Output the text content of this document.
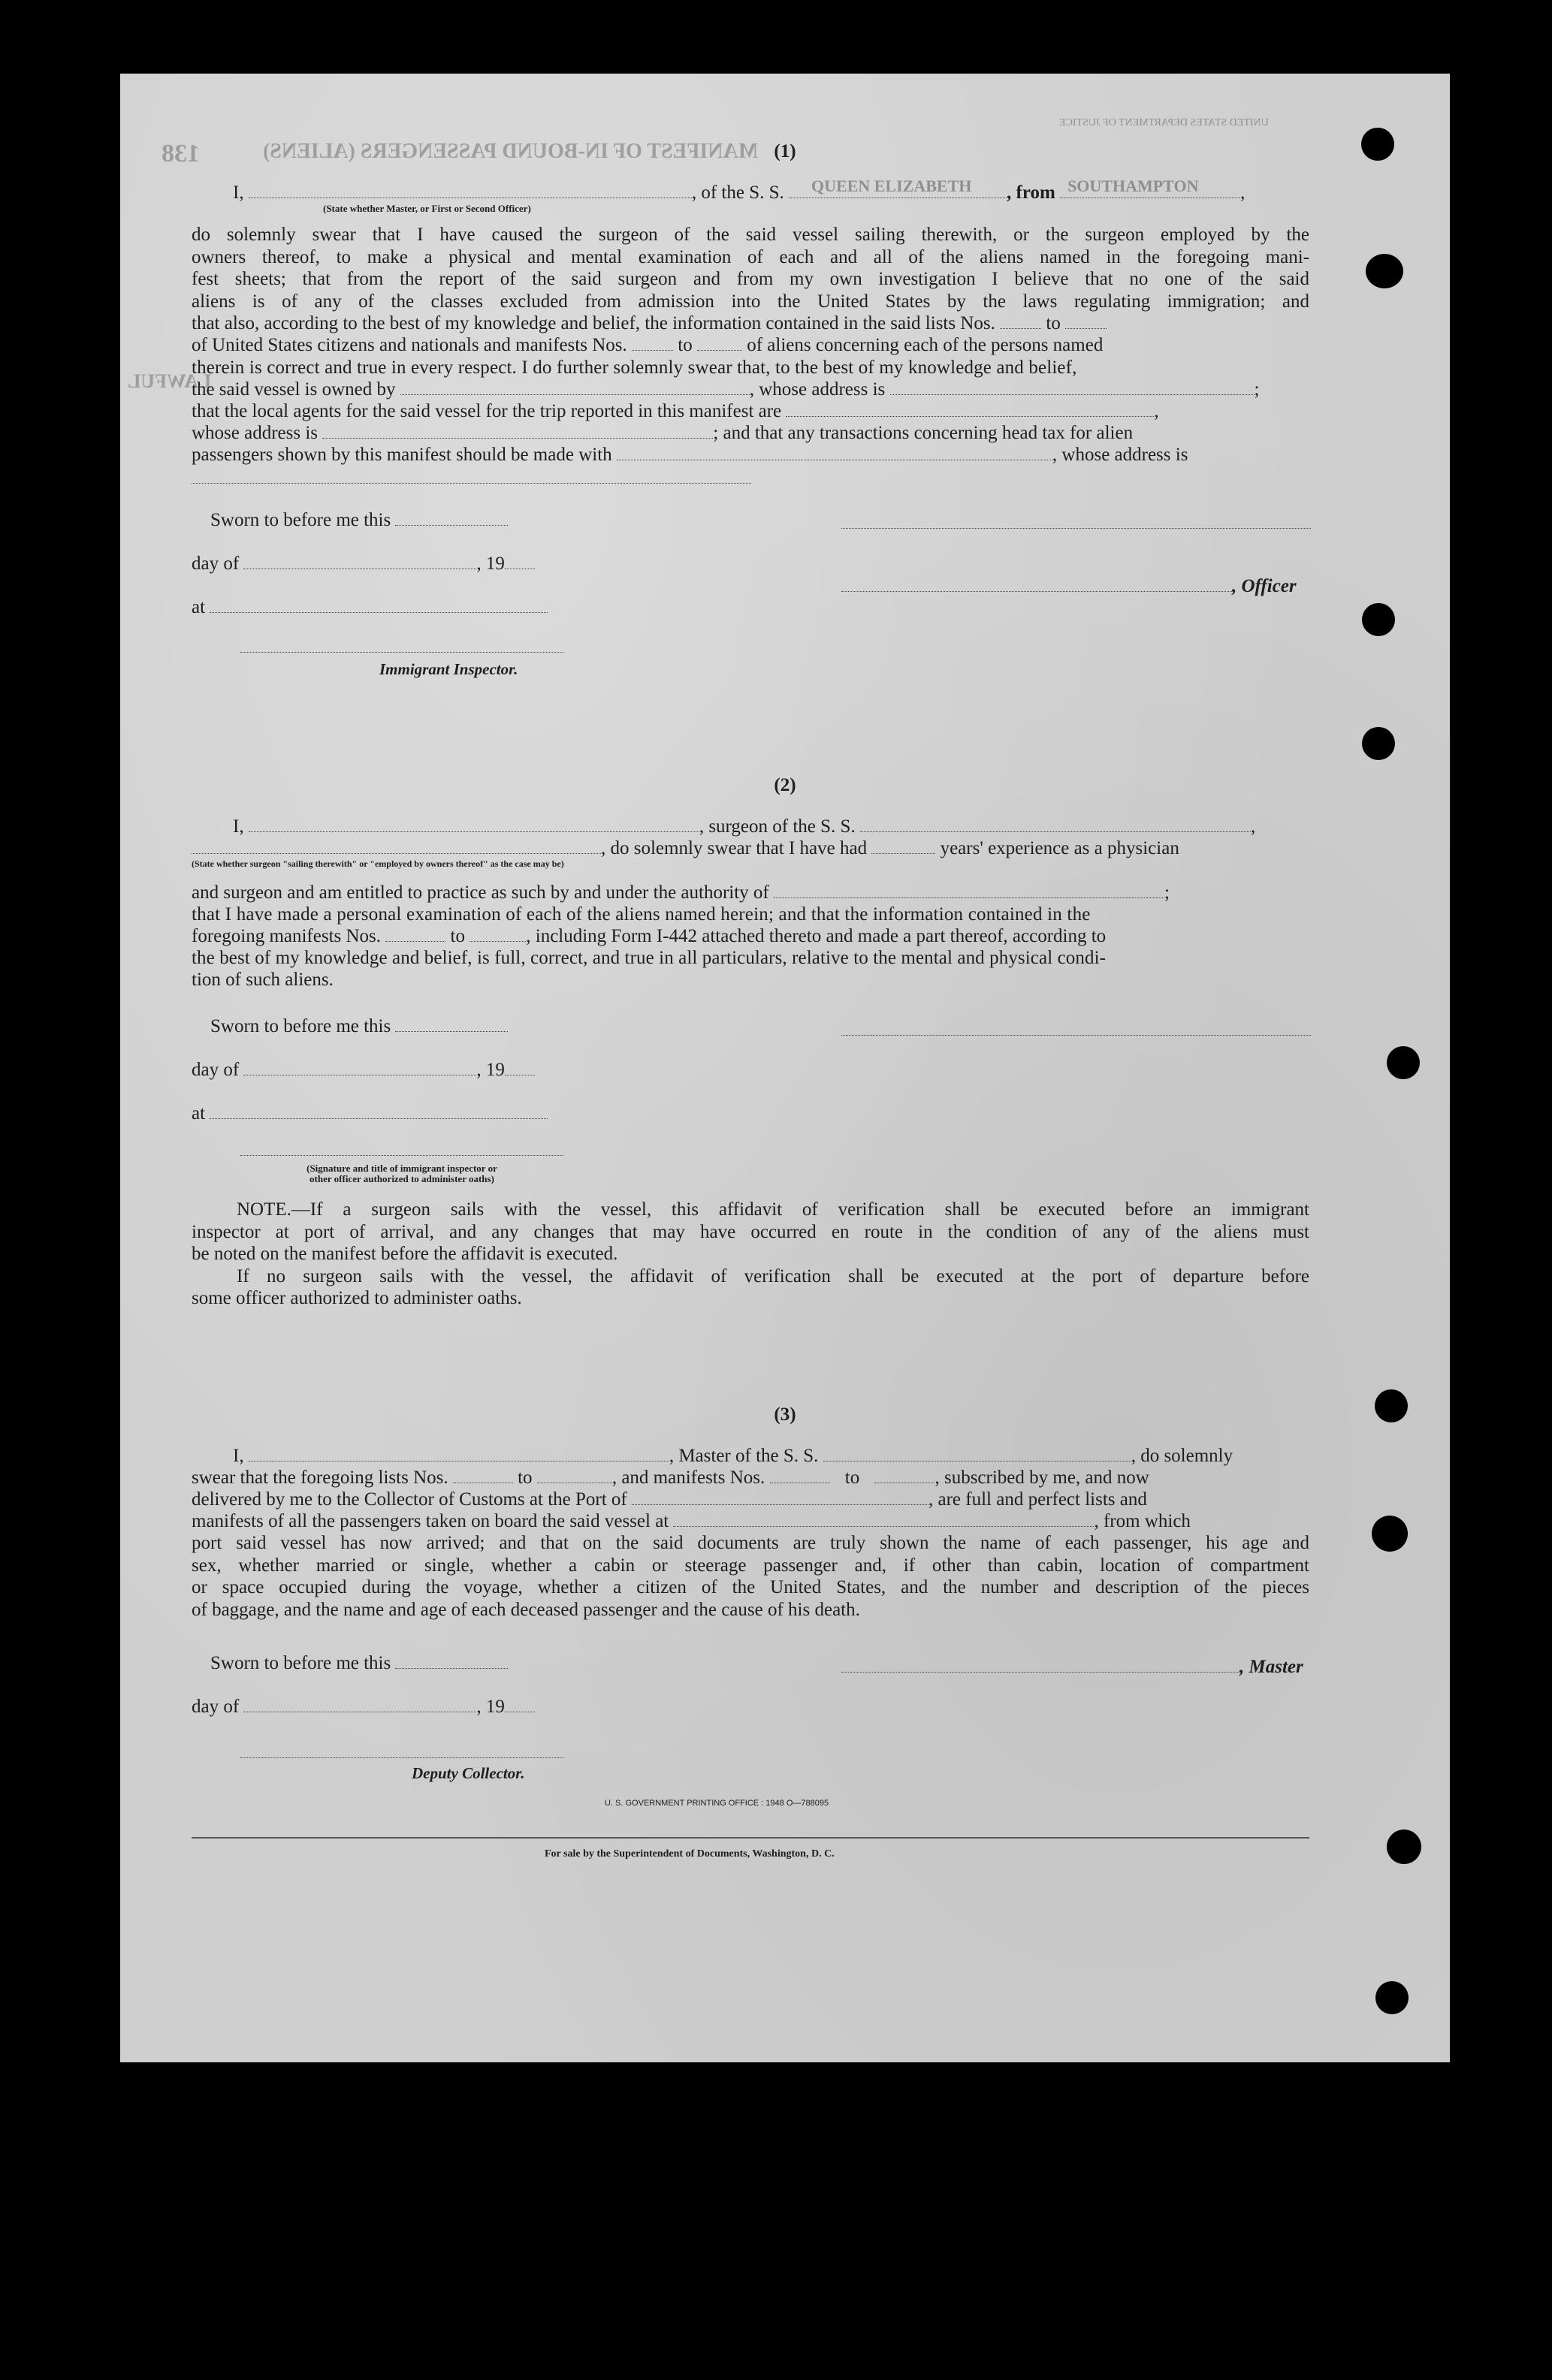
138	MANIFEST OF IN-BOUND PASSENGERS (ALIENS)
UNITED STATES DEPARTMENT OF JUSTICE
LAWFUL
(1)
I,	, of the S. S. QUEEN ELIZABETH , from SOUTHAMPTON ,
(State whether Master, or First or Second Officer)

do solemnly swear that I have caused the surgeon of the said vessel sailing therewith, or the surgeon employed by the

owners thereof, to make a physical and mental examination of each and all of the aliens named in the foregoing mani-

fest sheets; that from the report of the said surgeon and from my own investigation I believe that no one of the said

aliens is of any of the classes excluded from admission into the United States by the laws regulating immigration; and

that also, according to the best of my knowledge and belief, the information contained in the said lists Nos.	to
of United States citizens and nationals and manifests Nos.	to	of aliens concerning each of the persons named
therein is correct and true in every respect. I do further solemnly swear that, to the best of my knowledge and belief,
the said vessel is owned by	, whose address is	;
that the local agents for the said vessel for the trip reported in this manifest are	,
whose address is	; and that any transactions concerning head tax for alien
passengers shown by this manifest should be made with	, whose address is
Sworn to before me this
day of	, 19
at
Immigrant Inspector.
, Officer
(2)
I,	, surgeon of the S. S.	,
, do solemnly swear that I have had	years' experience as a physician
(State whether surgeon "sailing therewith" or "employed by owners thereof" as the case may be)
and surgeon and am entitled to practice as such by and under the authority of	;
that I have made a personal examination of each of the aliens named herein; and that the information contained in the
foregoing manifests Nos.	to	, including Form I-442 attached thereto and made a part thereof, according to
the best of my knowledge and belief, is full, correct, and true in all particulars, relative to the mental and physical condi-
tion of such aliens.
Sworn to before me this
day of	, 19
at
(Signature and title of immigrant inspector or
other officer authorized to administer oaths)

NOTE.—If a surgeon sails with the vessel, this affidavit of verification shall be executed before an immigrant

inspector at port of arrival, and any changes that may have occurred en route in the condition of any of the aliens must

be noted on the manifest before the affidavit is executed.

If no surgeon sails with the vessel, the affidavit of verification shall be executed at the port of departure before

some officer authorized to administer oaths.

(3)
I,	, Master of the S. S.	, do solemnly
swear that the foregoing lists Nos.	to	, and manifests Nos.	to	, subscribed by me, and now
delivered by me to the Collector of Customs at the Port of	, are full and perfect lists and
manifests of all the passengers taken on board the said vessel at	, from which

port said vessel has now arrived; and that on the said documents are truly shown the name of each passenger, his age and

sex, whether married or single, whether a cabin or steerage passenger and, if other than cabin, location of compartment

or space occupied during the voyage, whether a citizen of the United States, and the number and description of the pieces

of baggage, and the name and age of each deceased passenger and the cause of his death.

Sworn to before me this	, Master
day of	, 19
Deputy Collector.
U. S. GOVERNMENT PRINTING OFFICE : 1948 O—788095
For sale by the Superintendent of Documents, Washington, D. C.
